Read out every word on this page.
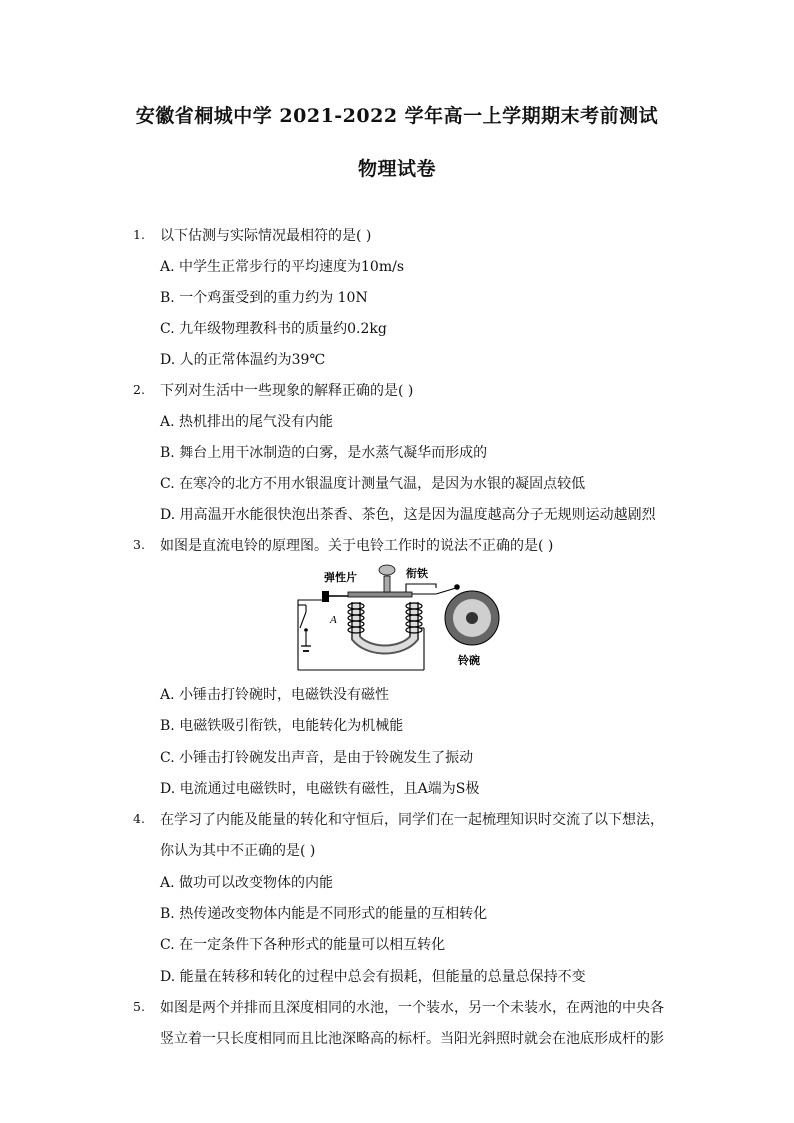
安徽省桐城中学 2021-2022 学年高一上学期期末考前测试
物理试卷
1. 以下估测与实际情况最相符的是( )
A. 中学生正常步行的平均速度为10m/s
B. 一个鸡蛋受到的重力约为 10N
C. 九年级物理教科书的质量约0.2kg
D. 人的正常体温约为39℃
2. 下列对生活中一些现象的解释正确的是( )
A. 热机排出的尾气没有内能
B. 舞台上用干冰制造的白雾，是水蒸气凝华而形成的
C. 在寒冷的北方不用水银温度计测量气温，是因为水银的凝固点较低
D. 用高温开水能很快泡出茶香、茶色，这是因为温度越高分子无规则运动越剧烈
3. 如图是直流电铃的原理图。关于电铃工作时的说法不正确的是( )
弹性片	衔铁
A
铃碗
A. 小锤击打铃碗时，电磁铁没有磁性
B. 电磁铁吸引衔铁，电能转化为机械能
C. 小锤击打铃碗发出声音，是由于铃碗发生了振动
D. 电流通过电磁铁时，电磁铁有磁性，且A端为S极
4. 在学习了内能及能量的转化和守恒后，同学们在一起梳理知识时交流了以下想法，
你认为其中不正确的是( )
A. 做功可以改变物体的内能
B. 热传递改变物体内能是不同形式的能量的互相转化
C. 在一定条件下各种形式的能量可以相互转化
D. 能量在转移和转化的过程中总会有损耗，但能量的总量总保持不变
5. 如图是两个并排而且深度相同的水池，一个装水，另一个未装水，在两池的中央各
竖立着一只长度相同而且比池深略高的标杆。当阳光斜照时就会在池底形成杆的影
